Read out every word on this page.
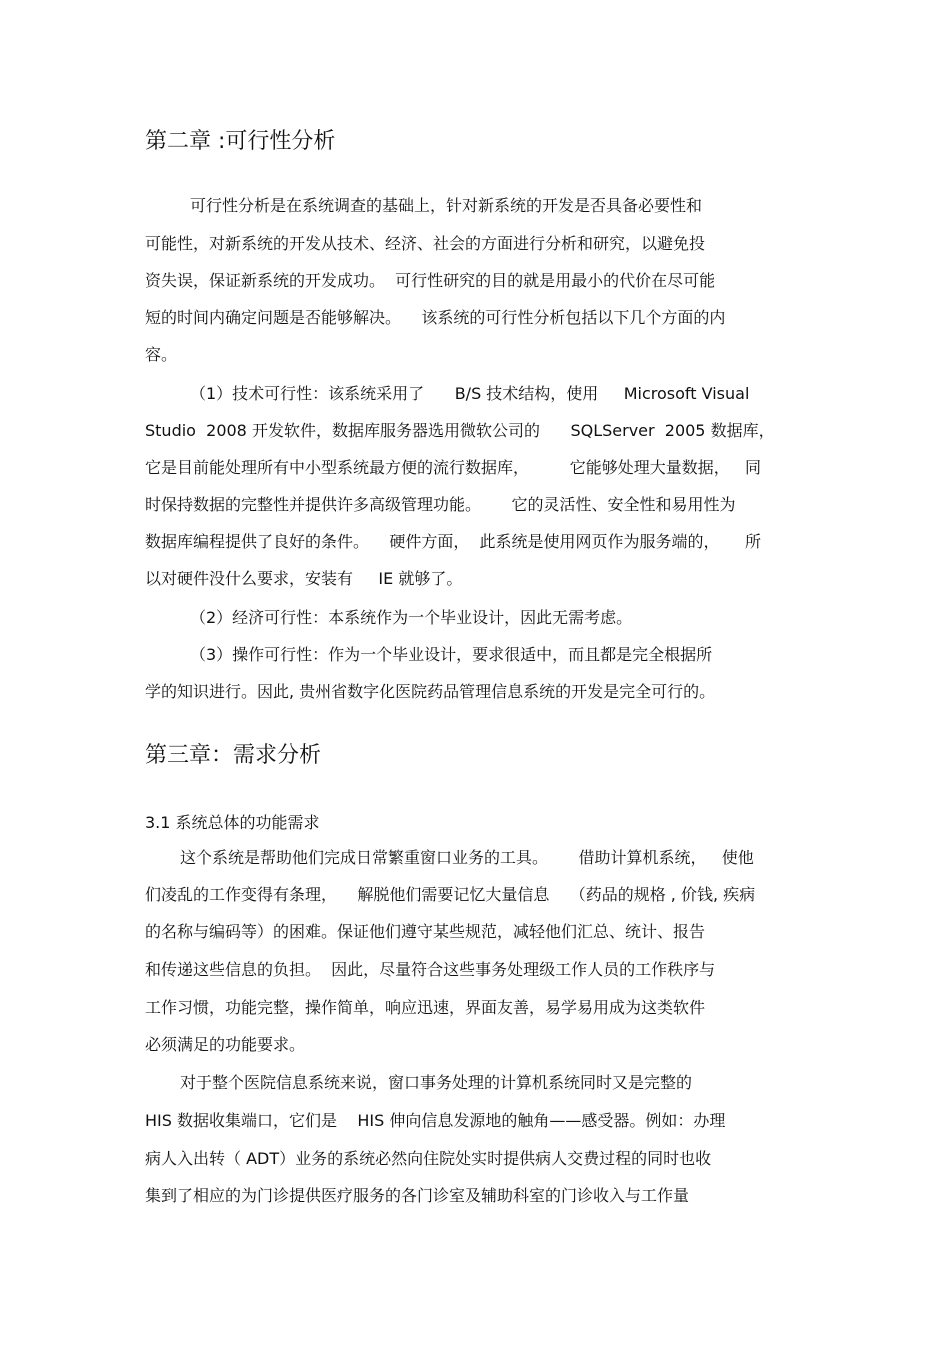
第二章 :可行性分析
可行性分析是在系统调查的基础上，针对新系统的开发是否具备必要性和
可能性，对新系统的开发从技术、经济、社会的方面进行分析和研究，以避免投
资失误，保证新系统的开发成功。  可行性研究的目的就是用最小的代价在尽可能
短的时间内确定问题是否能够解决。    该系统的可行性分析包括以下几个方面的内
容。
（1）技术可行性：该系统采用了      B/S 技术结构，使用     Microsoft Visual
Studio  2008 开发软件，数据库服务器选用微软公司的      SQLServer  2005 数据库，
它是目前能处理所有中小型系统最方便的流行数据库，        它能够处理大量数据，   同
时保持数据的完整性并提供许多高级管理功能。      它的灵活性、安全性和易用性为
数据库编程提供了良好的条件。    硬件方面，  此系统是使用网页作为服务端的，     所
以对硬件没什么要求，安装有     IE 就够了。
（2）经济可行性：本系统作为一个毕业设计，因此无需考虑。
（3）操作可行性：作为一个毕业设计，要求很适中，而且都是完全根据所
学的知识进行。因此, 贵州省数字化医院药品管理信息系统的开发是完全可行的。
第三章：需求分析
3.1 系统总体的功能需求
这个系统是帮助他们完成日常繁重窗口业务的工具。      借助计算机系统，   使他
们凌乱的工作变得有条理，    解脱他们需要记忆大量信息    （药品的规格 , 价钱, 疾病
的名称与编码等）的困难。保证他们遵守某些规范，减轻他们汇总、统计、报告
和传递这些信息的负担。  因此，尽量符合这些事务处理级工作人员的工作秩序与
工作习惯，功能完整，操作简单，响应迅速，界面友善，易学易用成为这类软件
必须满足的功能要求。
对于整个医院信息系统来说，窗口事务处理的计算机系统同时又是完整的
HIS 数据收集端口，它们是    HIS 伸向信息发源地的触角——感受器。例如：办理
病人入出转（ ADT）业务的系统必然向住院处实时提供病人交费过程的同时也收
集到了相应的为门诊提供医疗服务的各门诊室及辅助科室的门诊收入与工作量
